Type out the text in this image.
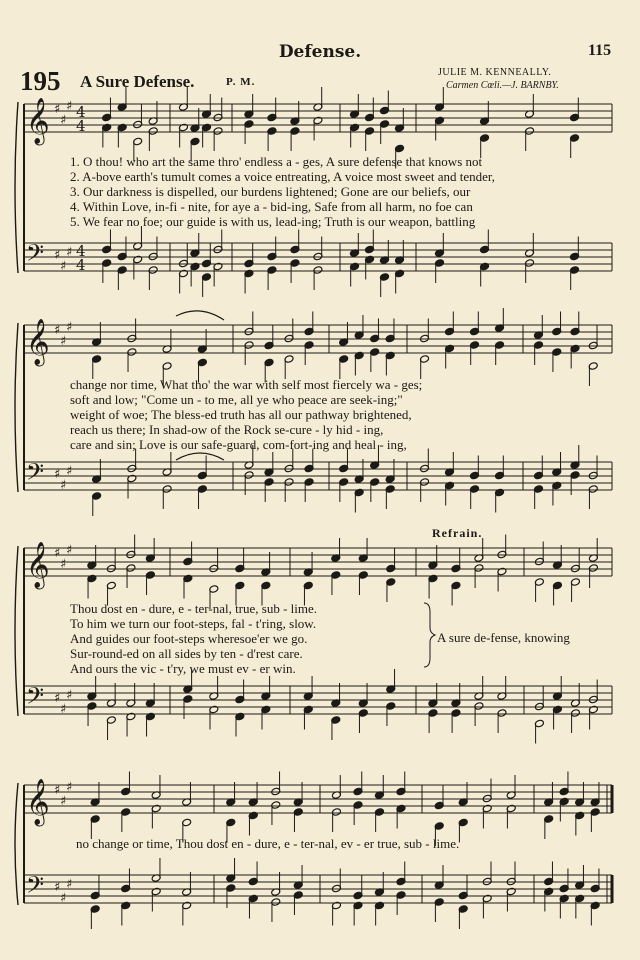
Defense.	115
195 A Sure Defense.	P. M.
JULIE M. KENNEALLY.
Carmen Cœli.—J. BARNBY.
𝄞
𝄢
♯
♯
♯
♯
♯
♯
4
4
4
4
𝄞
𝄢
♯
♯
♯
♯
♯
♯
𝄞
𝄢
♯
♯
♯
♯
♯
♯
𝄞
𝄢
♯
♯
♯
♯
♯
♯
1. O thou! who art the same thro' endless a - ges, A sure defense that knows not
2. A-bove earth's tumult comes a voice entreating, A voice most sweet and tender,
3. Our darkness is dispelled, our burdens lightened; Gone are our beliefs, our
4. Within Love, in-fi - nite, for aye a - bid-ing, Safe from all harm, no foe can
5. We fear no foe; our guide is with us, lead-ing; Truth is our weapon, battling
change nor time, What tho' the war with self most fiercely wa - ges;
soft and low; "Come un - to me, all ye who peace are seek-ing;"
weight of woe; The bless-ed truth has all our pathway brightened,
reach us there; In shad-ow of the Rock se-cure - ly hid - ing,
care and sin; Love is our safe-guard, com-fort-ing and heal - ing,
Refrain.
Thou dost en - dure, e - ter-nal, true, sub - lime.
To him we turn our foot-steps, fal - t'ring, slow.
And guides our foot-steps wheresoe'er we go.
Sur-round-ed on all sides by ten - d'rest care.
And ours the vic - t'ry, we must ev - er win.
A sure de-fense, knowing
no change or time, Thou dost en - dure, e - ter-nal, ev - er true, sub - lime.
